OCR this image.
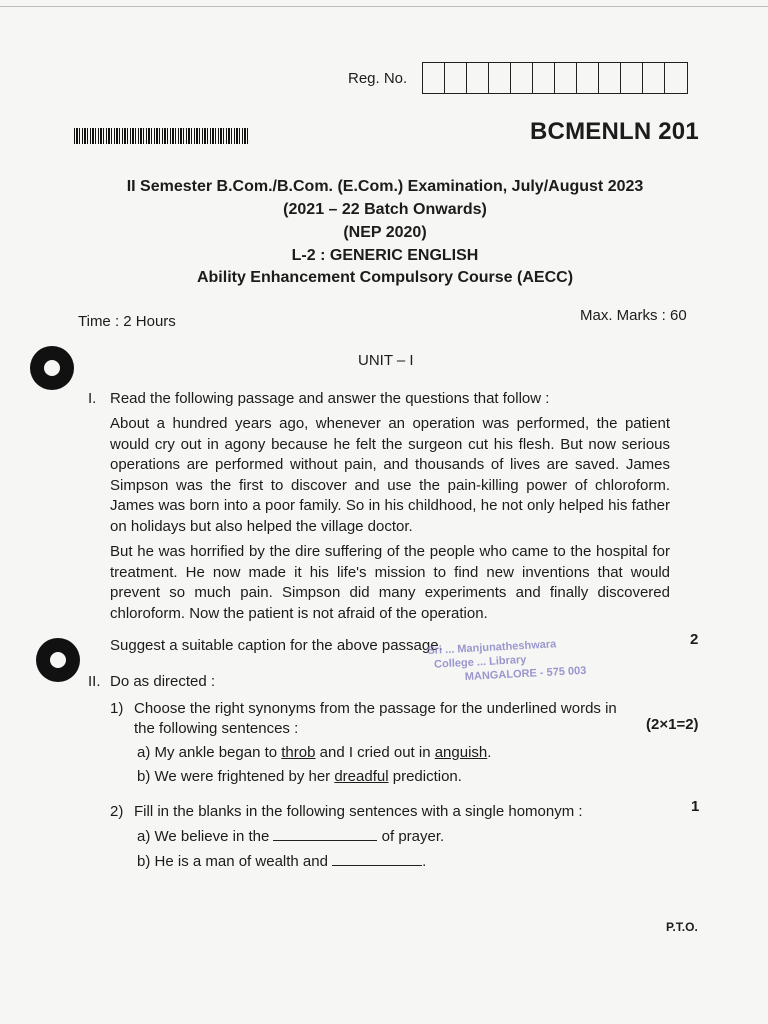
Reg. No.
BCMENLN 201
II Semester B.Com./B.Com. (E.Com.) Examination, July/August 2023
(2021 – 22 Batch Onwards)
(NEP 2020)
L-2 : GENERIC ENGLISH
Ability Enhancement Compulsory Course (AECC)
Time : 2 Hours	Max. Marks : 60
UNIT – I
I. Read the following passage and answer the questions that follow :
About a hundred years ago, whenever an operation was performed, the patient would cry out in agony because he felt the surgeon cut his flesh. But now serious operations are performed without pain, and thousands of lives are saved. James Simpson was the first to discover and use the pain-killing power of chloroform. James was born into a poor family. So in his childhood, he not only helped his father on holidays but also helped the village doctor.
But he was horrified by the dire suffering of the people who came to the hospital for treatment. He now made it his life's mission to find new inventions that would prevent so much pain. Simpson did many experiments and finally discovered chloroform. Now the patient is not afraid of the operation.
Suggest a suitable caption for the above passage.	2
Sri ... Manjunatheshwara
College ... Library
MANGALORE - 575 003
II. Do as directed :
1) Choose the right synonyms from the passage for the underlined words in
the following sentences :	(2×1=2)
a) My ankle began to throb and I cried out in anguish.
b) We were frightened by her dreadful prediction.
2) Fill in the blanks in the following sentences with a single homonym :	1
a) We believe in the	of prayer.
b) He is a man of wealth and	.
P.T.O.
